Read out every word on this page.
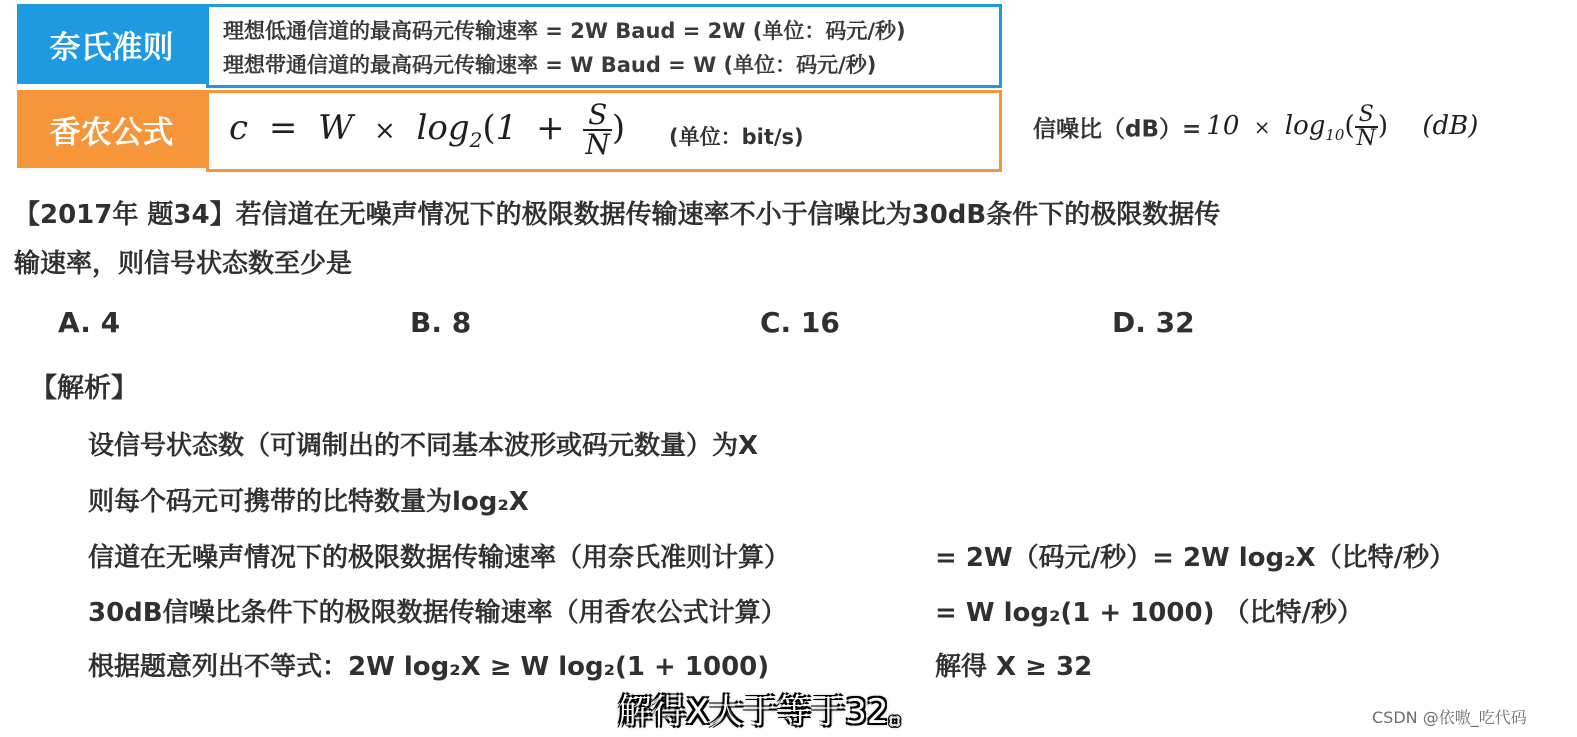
奈氏准则	理想低通信道的最高码元传输速率 = 2W Baud = 2W (单位：码元/秒)
理想带通信道的最高码元传输速率 = W Baud = W (单位：码元/秒)
香农公式	$c = W \times \log_2(1 + \frac{S}{N}$ ) (单位：bit/s)	信噪比$(dB)= 10 \times \log_{10}( \frac{S}{N}$ ) (dB)
【2017年 题34】若信道在无噪声情况下的极限数据传输速率不小于信噪比为30dB条件下的极限数据传
输速率，则信号状态数至少是
A. 4	B. 8	C. 16	D. 32
【解析】
设信号状态数（可调制出的不同基本波形或码元数量）为X
则每个码元可携带的比特数量为log₂X
信道在无噪声情况下的极限数据传输速率（用奈氏准则计算）	= 2W（码元/秒）= 2W log₂X（比特/秒）
30dB信噪比条件下的极限数据传输速率（用香农公式计算）	= W log₂(1 + 1000) （比特/秒）
根据题意列出不等式：2W log₂X ≥ W log₂(1 + 1000)	解得 X ≥ 32
解得X大于等于32。	CSDN @依嗷_吃代码
